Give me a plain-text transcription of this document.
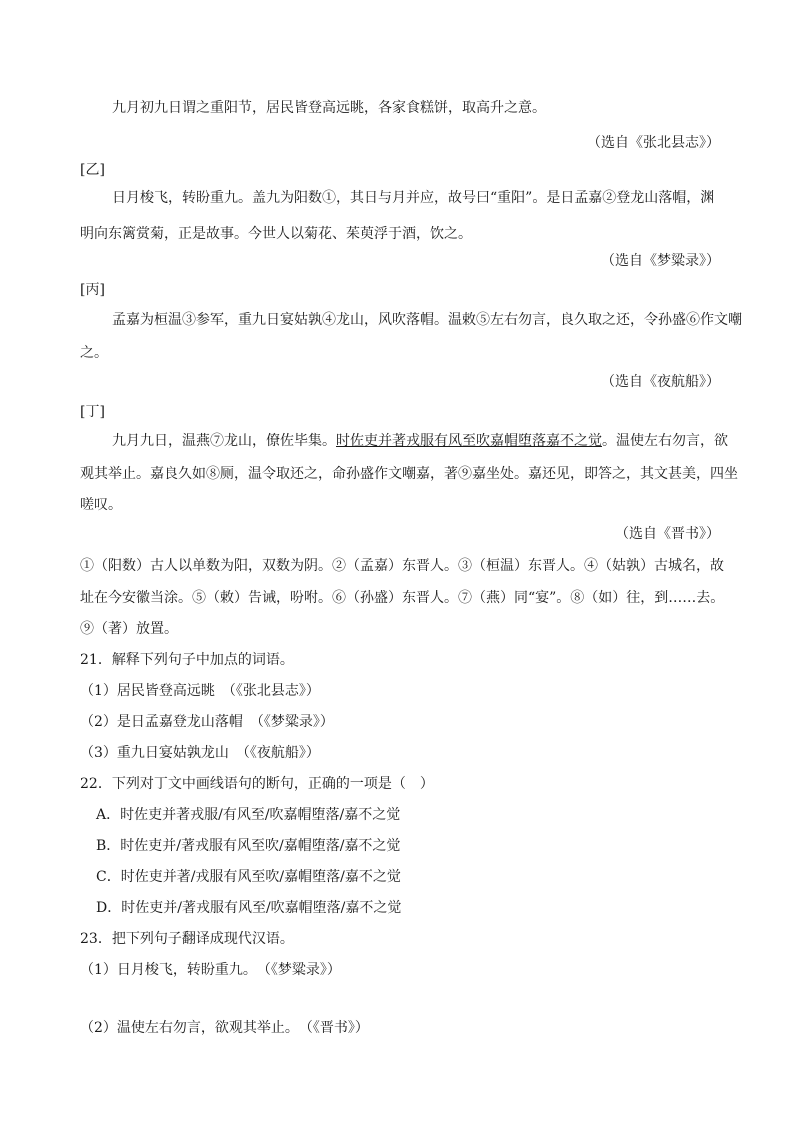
九月初九日谓之重阳节，居民皆登高远眺，各家食糕饼，取高升之意。
（选自《张北县志》）
[乙]
日月梭飞，转盼重九。盖九为阳数①，其日与月并应，故号曰“重阳”。是日孟嘉②登龙山落帽，渊
明向东篱赏菊，正是故事。今世人以菊花、茱萸浮于酒，饮之。
（选自《梦粱录》）
[丙]
孟嘉为桓温③参军，重九日宴姑孰④龙山，风吹落帽。温敕⑤左右勿言，良久取之还，令孙盛⑥作文嘲
之。
（选自《夜航船》）
[丁]
九月九日，温燕⑦龙山，僚佐毕集。时佐吏并著戎服有风至吹嘉帽堕落嘉不之觉。温使左右勿言，欲
观其举止。嘉良久如⑧厕，温令取还之，命孙盛作文嘲嘉，著⑨嘉坐处。嘉还见，即答之，其文甚美，四坐
嗟叹。
（选自《晋书》）
①（阳数）古人以单数为阳，双数为阴。②（孟嘉）东晋人。③（桓温）东晋人。④（姑孰）古城名，故
址在今安徽当涂。⑤（敕）告诫，吩咐。⑥（孙盛）东晋人。⑦（燕）同“宴”。⑧（如）往，到……去。
⑨（著）放置。
21．解释下列句子中加点的词语。
（1）居民皆登高远眺　（《张北县志》）
（2）是日孟嘉登龙山落帽　（《梦粱录》）
（3）重九日宴姑孰龙山　（《夜航船》）
22．下列对丁文中画线语句的断句，正确的一项是（　）
A．时佐吏并著戎服/有风至/吹嘉帽堕落/嘉不之觉
B．时佐吏并/著戎服有风至吹/嘉帽堕落/嘉不之觉
C．时佐吏并著/戎服有风至吹/嘉帽堕落/嘉不之觉
D．时佐吏并/著戎服有风至/吹嘉帽堕落/嘉不之觉
23．把下列句子翻译成现代汉语。
（1）日月梭飞，转盼重九。　（《梦粱录》）
（2）温使左右勿言，欲观其举止。　（《晋书》）
